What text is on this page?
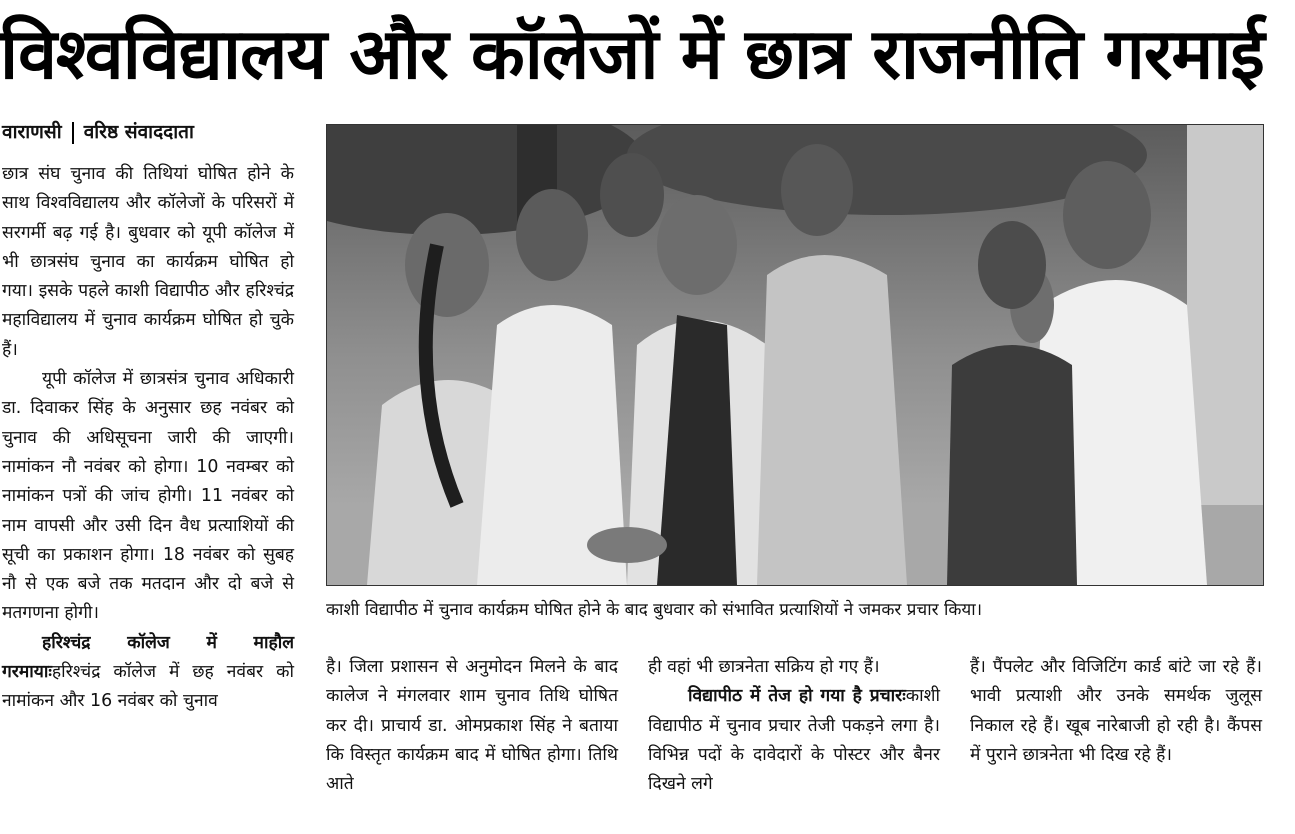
विश्वविद्यालय और कॉलेजों में छात्र राजनीति गरमाई
वाराणसी वरिष्ठ संवाददाता

छात्र संघ चुनाव की तिथियां घोषित होने के साथ विश्वविद्यालय और कॉलेजों के परिसरों में सरगर्मी बढ़ गई है। बुधवार को यूपी कॉलेज में भी छात्रसंघ चुनाव का कार्यक्रम घोषित हो गया। इसके पहले काशी विद्यापीठ और हरिश्चंद्र महाविद्यालय में चुनाव कार्यक्रम घोषित हो चुके हैं।

यूपी कॉलेज में छात्रसंत्र चुनाव अधिकारी डा. दिवाकर सिंह के अनुसार छह नवंबर को चुनाव की अधिसूचना जारी की जाएगी। नामांकन नौ नवंबर को होगा। 10 नवम्बर को नामांकन पत्रों की जांच होगी। 11 नवंबर को नाम वापसी और उसी दिन वैध प्रत्याशियों की सूची का प्रकाशन होगा। 18 नवंबर को सुबह नौ से एक बजे तक मतदान और दो बजे से मतगणना होगी।

हरिश्चंद्र कॉलेज में माहौल गरमायाःहरिश्चंद्र कॉलेज में छह नवंबर को नामांकन और 16 नवंबर को चुनाव

काशी विद्यापीठ में चुनाव कार्यक्रम घोषित होने के बाद बुधवार को संभावित प्रत्याशियों ने जमकर प्रचार किया।

है। जिला प्रशासन से अनुमोदन मिलने के बाद कालेज ने मंगलवार शाम चुनाव तिथि घोषित कर दी। प्राचार्य डा. ओमप्रकाश सिंह ने बताया कि विस्तृत कार्यक्रम बाद में घोषित होगा। तिथि आते

ही वहां भी छात्रनेता सक्रिय हो गए हैं।

विद्यापीठ में तेज हो गया है प्रचारःकाशी विद्यापीठ में चुनाव प्रचार तेजी पकड़ने लगा है। विभिन्न पदों के दावेदारों के पोस्टर और बैनर दिखने लगे

हैं। पैंपलेट और विजिटिंग कार्ड बांटे जा रहे हैं। भावी प्रत्याशी और उनके समर्थक जुलूस निकाल रहे हैं। खूब नारेबाजी हो रही है। कैंपस में पुराने छात्रनेता भी दिख रहे हैं।
